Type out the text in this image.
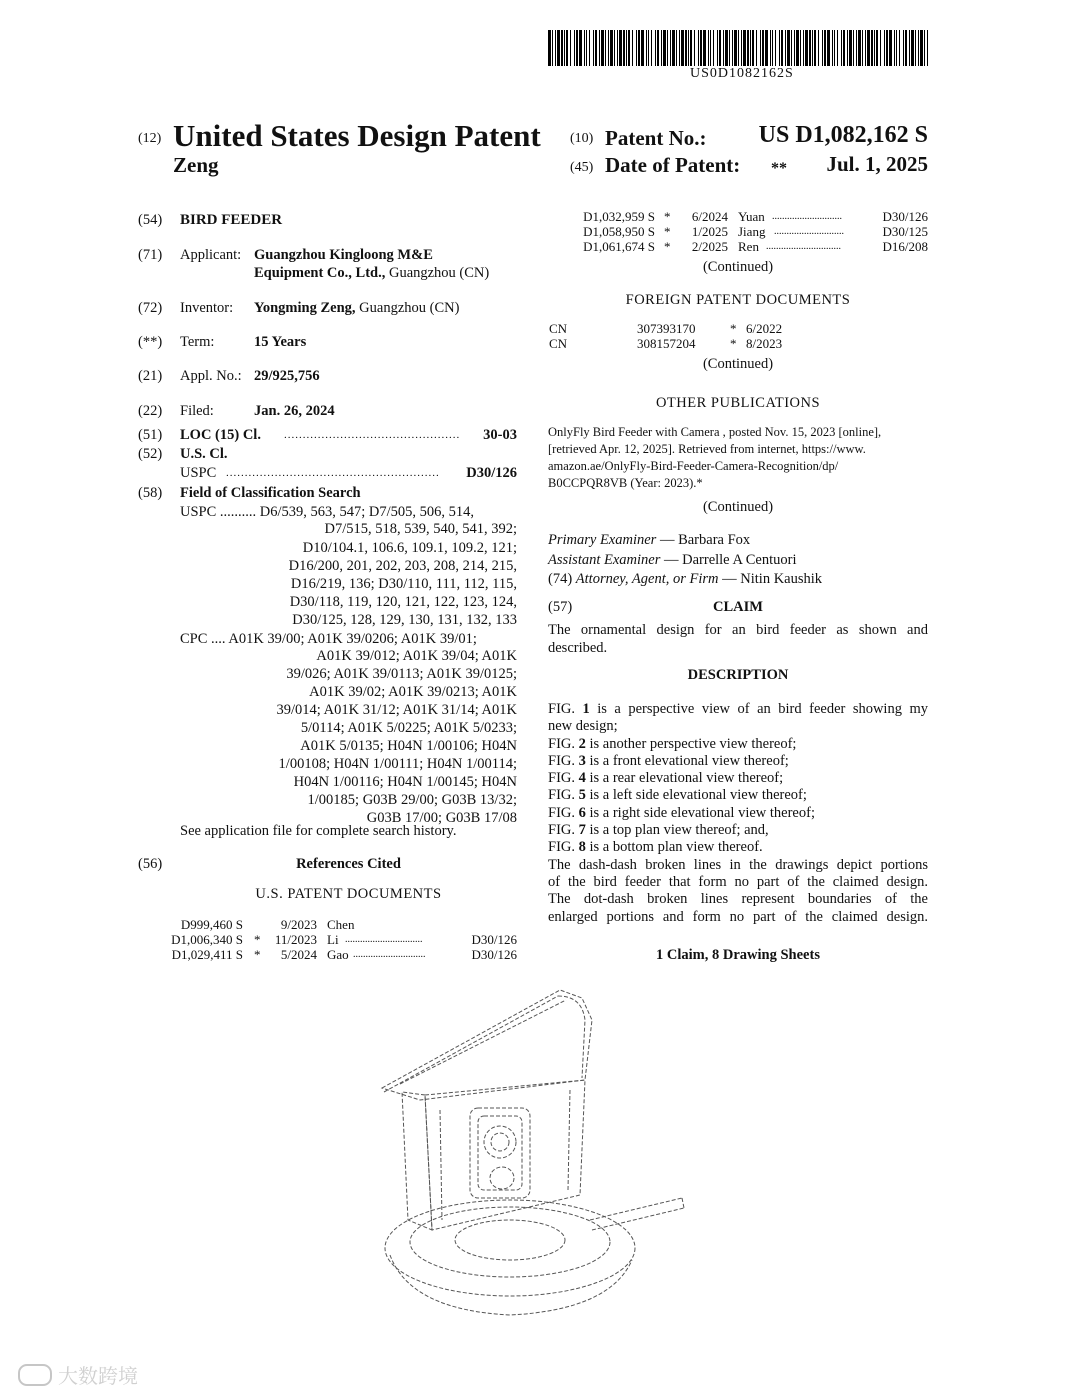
US0D1082162S
(12) United States Design Patent
Zeng
(10) Patent No.: US D1,082,162 S
(45) Date of Patent: ** Jul. 1, 2025
(54) BIRD FEEDER
(71) Applicant: Guangzhou Kingloong M&E
Equipment Co., Ltd., Guangzhou (CN)
(72) Inventor: Yongming Zeng, Guangzhou (CN)
(**) Term:	15 Years
(21) Appl. No.: 29/925,756
(22) Filed:	Jan. 26, 2024
(51) LOC (15) Cl. ............................................... 30-03
(52) U.S. Cl.
USPC ......................................................... D30/126
(58) Field of Classification Search
USPC .......... D6/539, 563, 547; D7/505, 506, 514,
D7/515, 518, 539, 540, 541, 392;
D10/104.1, 106.6, 109.1, 109.2, 121;
D16/200, 201, 202, 203, 208, 214, 215,
D16/219, 136; D30/110, 111, 112, 115,
D30/118, 119, 120, 121, 122, 123, 124,
D30/125, 128, 129, 130, 131, 132, 133
CPC .... A01K 39/00; A01K 39/0206; A01K 39/01;
A01K 39/012; A01K 39/04; A01K
39/026; A01K 39/0113; A01K 39/0125;
A01K 39/02; A01K 39/0213; A01K
39/014; A01K 31/12; A01K 31/14; A01K
5/0114; A01K 5/0225; A01K 5/0233;
A01K 5/0135; H04N 1/00106; H04N
1/00108; H04N 1/00111; H04N 1/00114;
H04N 1/00116; H04N 1/00145; H04N
1/00185; G03B 29/00; G03B 13/32;
G03B 17/00; G03B 17/08
See application file for complete search history.
(56)	References Cited
U.S. PATENT DOCUMENTS
D999,460 S	9/2023 Chen
D1,006,340 S * 11/2023 Li ...............................	D30/126
D1,029,411 S * 5/2024 Gao .............................	D30/126
D1,032,959 S * 6/2024 Yuan ............................	D30/126
D1,058,950 S * 1/2025 Jiang ............................	D30/125
D1,061,674 S * 2/2025 Ren ..............................	D16/208
(Continued)
FOREIGN PATENT DOCUMENTS
CN	307393170	* 6/2022
CN	308157204	* 8/2023
(Continued)
OTHER PUBLICATIONS
OnlyFly Bird Feeder with Camera , posted Nov. 15, 2023 [online],
[retrieved Apr. 12, 2025]. Retrieved from internet, https://www.
amazon.ae/OnlyFly-Bird-Feeder-Camera-Recognition/dp/
B0CCPQR8VB (Year: 2023).*
(Continued)
Primary Examiner — Barbara Fox
Assistant Examiner — Darrelle A Centuori
(74) Attorney, Agent, or Firm — Nitin Kaushik
(57)	CLAIM
The ornamental design for an bird feeder as shown and
described.
DESCRIPTION
FIG. 1 is a perspective view of an bird feeder showing my
new design;
FIG. 2 is another perspective view thereof;
FIG. 3 is a front elevational view thereof;
FIG. 4 is a rear elevational view thereof;
FIG. 5 is a left side elevational view thereof;
FIG. 6 is a right side elevational view thereof;
FIG. 7 is a top plan view thereof; and,
FIG. 8 is a bottom plan view thereof.
The dash-dash broken lines in the drawings depict portions
of the bird feeder that form no part of the claimed design.
The dot-dash broken lines represent boundaries of the
enlarged portions and form no part of the claimed design.
1 Claim, 8 Drawing Sheets
大数跨境
